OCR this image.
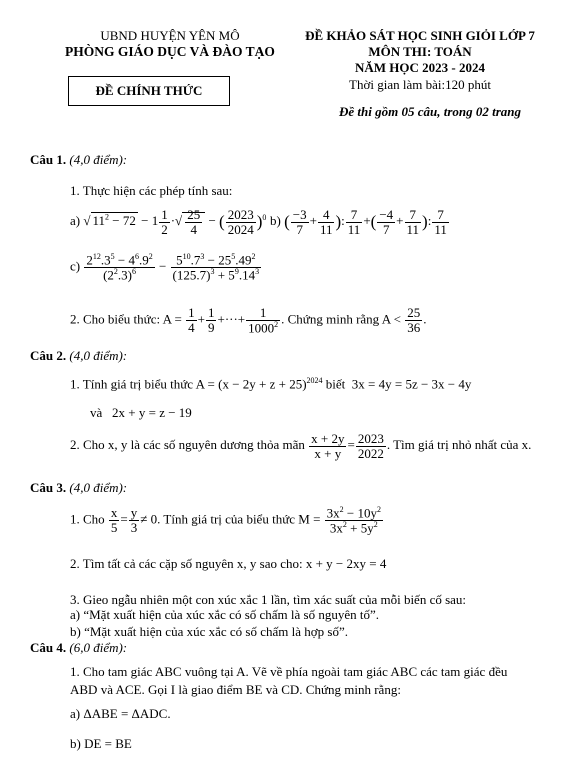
UBND HUYỆN YÊN MÔ
PHÒNG GIÁO DỤC VÀ ĐÀO TẠO
ĐỀ CHÍNH THỨC
ĐỀ KHẢO SÁT HỌC SINH GIỎI LỚP 7
MÔN THI: TOÁN
NĂM HỌC 2023 - 2024
Thời gian làm bài:120 phút
Đề thi gồm 05 câu, trong 02 trang
Câu 1. (4,0 điểm):
1. Thực hiện các phép tính sau:
a) √ $11^2 - 72 - 1 \frac{1}{2}$ ·√ $\frac{25}{4}$ − ( $\frac{2023}{2024} )^0$ b) ( $\frac{-3}{7} + \frac{4}{11}$ ): $\frac{7}{11}$ +( $\frac{-4}{7} + \frac{7}{11}$ ): $\frac{7}{11}$
$c) \frac{2^{12}.3^5 - 4^6.9^2}{(2^2.3)^6} - \frac{5^{10}.7^3 - 25^5.49^2}{(125.7)^3 + 5^9.14^3}$
2. Cho biểu thức: $A = \frac{1}{4} + \frac{1}{9}$ +···+ $\frac{1}{1000^2}$ . Chứng minh rằng $A < \frac{25}{36}$ .
Câu 2. (4,0 điểm):
1. Tính giá trị biểu thức $A = (x - 2y + z + 25)^{2024}$ biết 3x = 4y = 5z − 3x − 4y
và 2x + y = z − 19
2. Cho x, y là các số nguyên dương thỏa mãn $\frac{x + 2y}{x + y} = \frac{2023}{2022}$ . Tìm giá trị nhỏ nhất của x.
Câu 3. (4,0 điểm):
1. Cho $\frac{x}{5} = \frac{y}{3} \ne 0$. Tính giá trị của biểu thức $M = \frac{3x^2 - 10y^2}{3x^2 + 5y^2}$
2. Tìm tất cả các cặp số nguyên x, y sao cho: x + y − 2xy = 4
3. Gieo ngẫu nhiên một con xúc xắc 1 lần, tìm xác suất của mỗi biến cố sau:
a) “Mặt xuất hiện của xúc xắc có số chấm là số nguyên tố”.
b) “Mặt xuất hiện của xúc xắc có số chấm là hợp số”.
Câu 4. (6,0 điểm):
1. Cho tam giác ABC vuông tại A. Vẽ về phía ngoài tam giác ABC các tam giác đều
ABD và ACE. Gọi I là giao điểm BE và CD. Chứng minh rằng:
a) ΔABE = ΔADC.
b) DE = BE
